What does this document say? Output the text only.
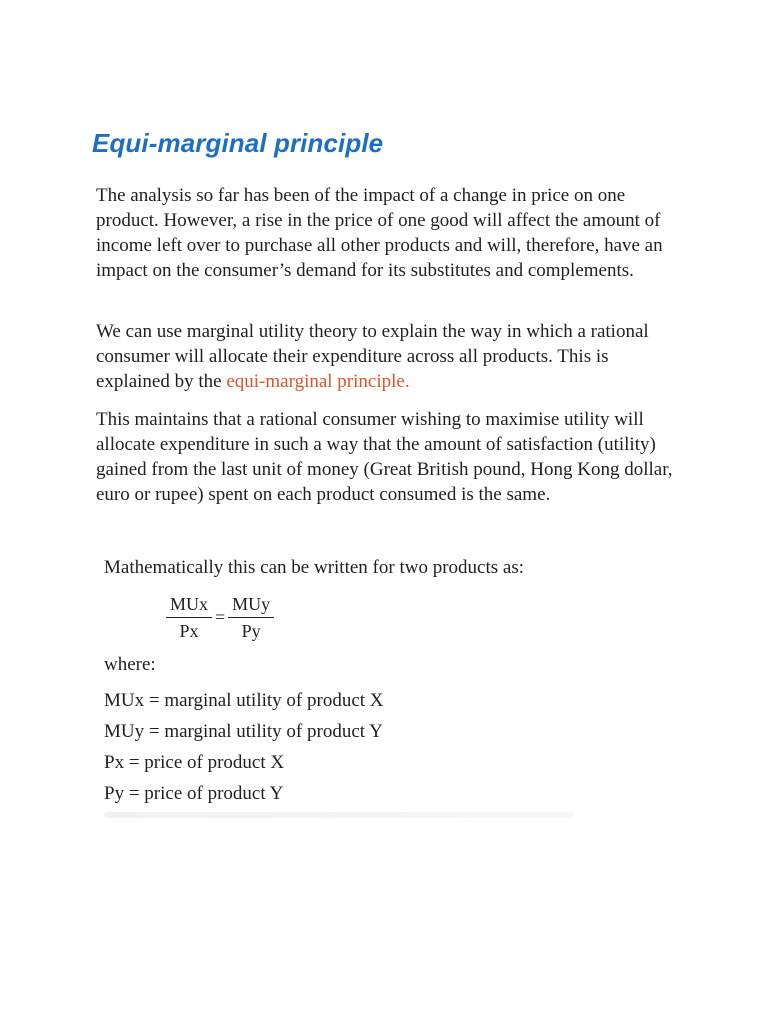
Equi-marginal principle

The analysis so far has been of the impact of a change in price on one product. However, a rise in the price of one good will affect the amount of income left over to purchase all other products and will, therefore, have an impact on the consumer’s demand for its substitutes and complements.

We can use marginal utility theory to explain the way in which a rational consumer will allocate their expenditure across all products. This is explained by the equi-marginal principle.

This maintains that a rational consumer wishing to maximise utility will allocate expenditure in such a way that the amount of satisfaction (utility) gained from the last unit of money (Great British pound, Hong Kong dollar, euro or rupee) spent on each product consumed is the same.

Mathematically this can be written for two products as:

$\frac{\text{MUx}}{Px} = \frac{\text{MUy}}{Py}$

where:

MUx = marginal utility of product X
MUy = marginal utility of product Y
Px = price of product X
Py = price of product Y
